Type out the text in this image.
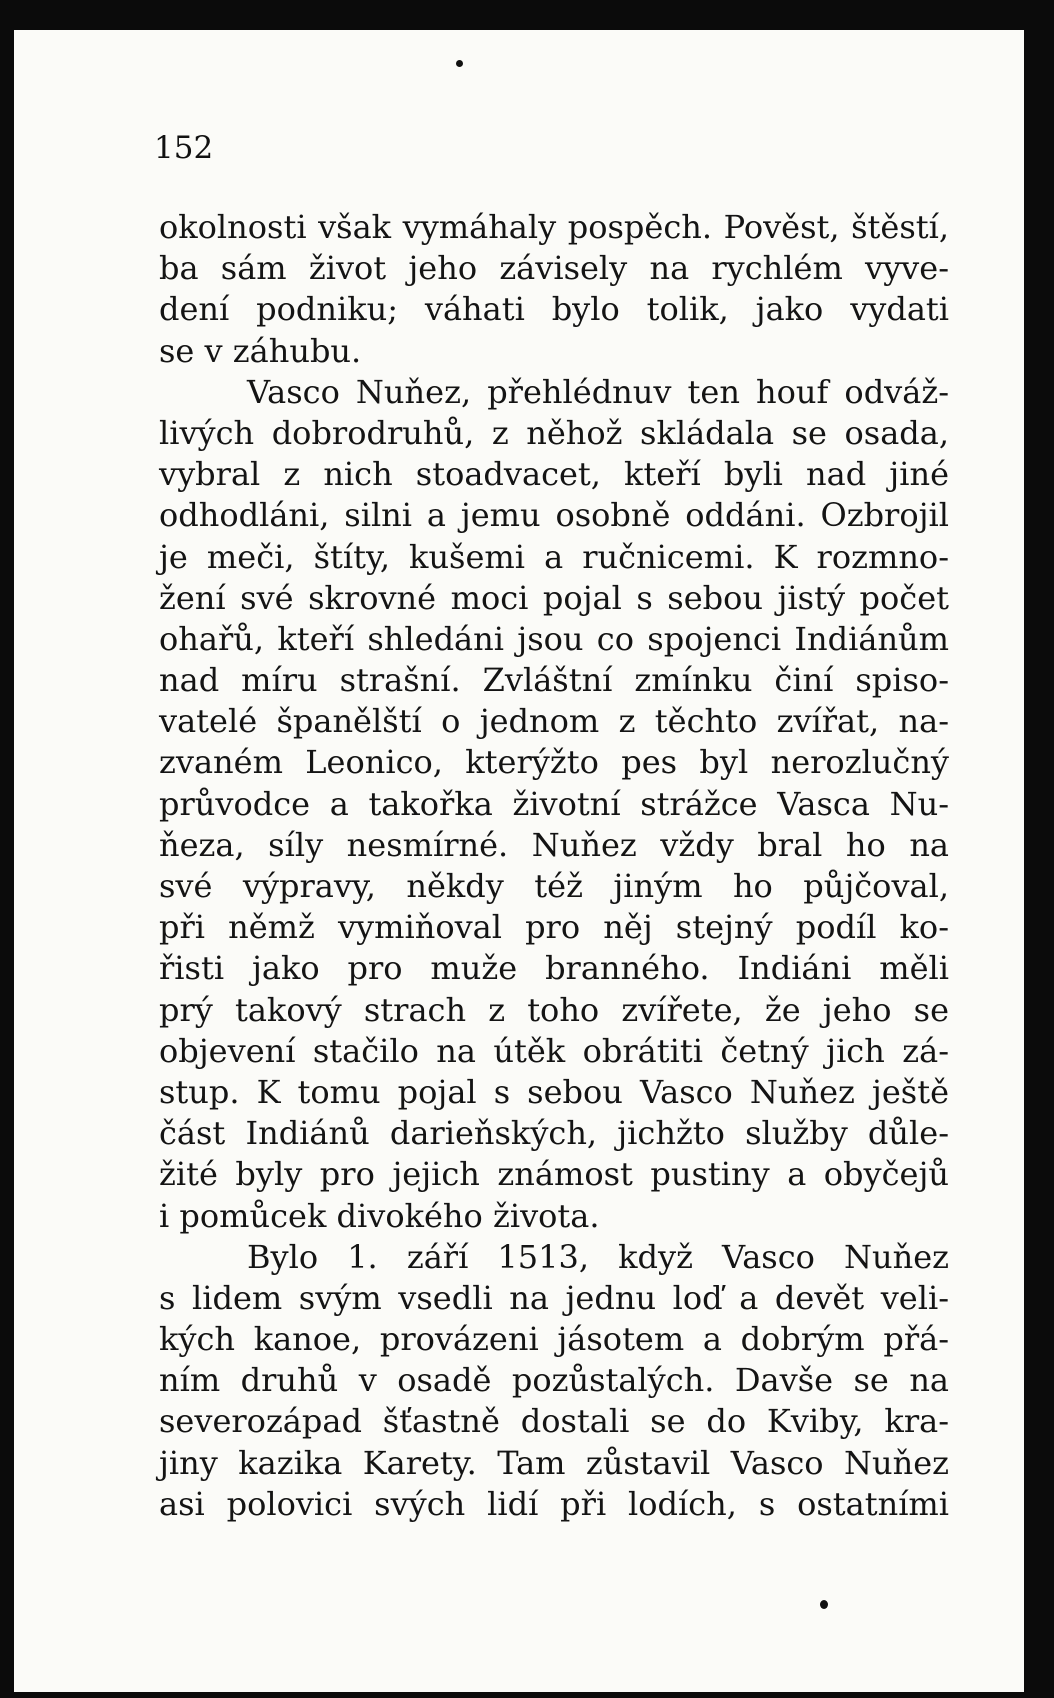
152
okolnosti však vymáhaly pospěch. Pověst, štěstí,
ba sám život jeho závisely na rychlém vyve-
dení podniku; váhati bylo tolik, jako vydati
se v záhubu.
Vasco Nuňez, přehlédnuv ten houf odváž-
livých dobrodruhů, z něhož skládala se osada,
vybral z nich stoadvacet, kteří byli nad jiné
odhodláni, silni a jemu osobně oddáni. Ozbrojil
je meči, štíty, kušemi a ručnicemi. K rozmno-
žení své skrovné moci pojal s sebou jistý počet
ohařů, kteří shledáni jsou co spojenci Indiánům
nad míru strašní. Zvláštní zmínku činí spiso-
vatelé španělští o jednom z těchto zvířat, na-
zvaném Leonico, kterýžto pes byl nerozlučný
průvodce a takořka životní strážce Vasca Nu-
ňeza, síly nesmírné. Nuňez vždy bral ho na
své výpravy, někdy též jiným ho půjčoval,
při němž vymiňoval pro něj stejný podíl ko-
řisti jako pro muže branného. Indiáni měli
prý takový strach z toho zvířete, že jeho se
objevení stačilo na útěk obrátiti četný jich zá-
stup. K tomu pojal s sebou Vasco Nuňez ještě
část Indiánů darieňských, jichžto služby důle-
žité byly pro jejich známost pustiny a obyčejů
i pomůcek divokého života.
Bylo 1. září 1513, když Vasco Nuňez
s lidem svým vsedli na jednu loď a devět veli-
kých kanoe, provázeni jásotem a dobrým přá-
ním druhů v osadě pozůstalých. Davše se na
severozápad šťastně dostali se do Kviby, kra-
jiny kazika Karety. Tam zůstavil Vasco Nuňez
asi polovici svých lidí při lodích, s ostatními
